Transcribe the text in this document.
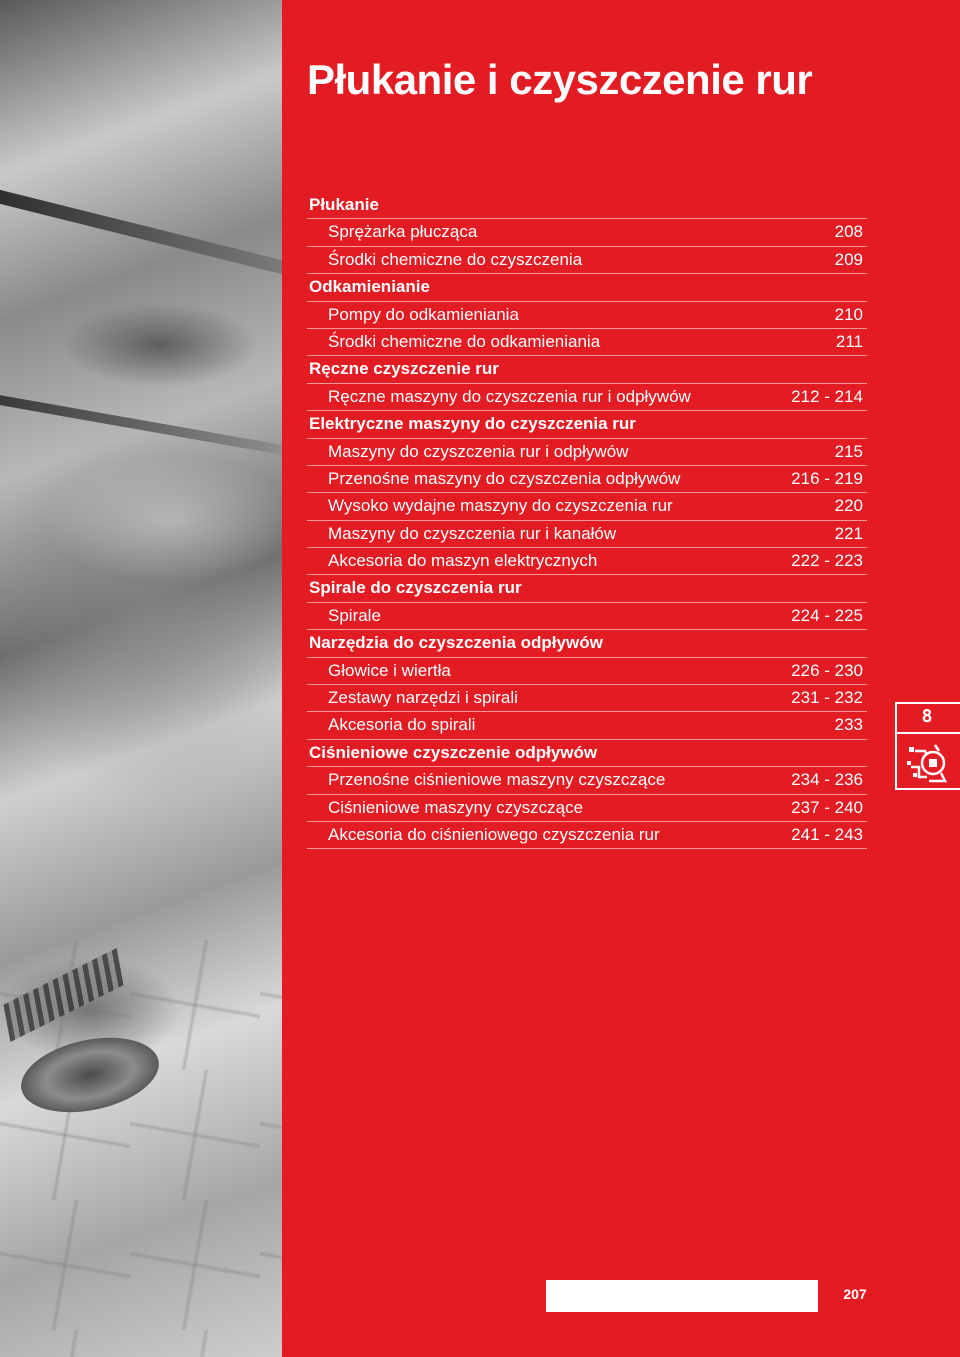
Płukanie i czyszczenie rur
Płukanie
Sprężarka płucząca	208
Środki chemiczne do czyszczenia	209
Odkamienianie
Pompy do odkamieniania	210
Środki chemiczne do odkamieniania	211
Ręczne czyszczenie rur
Ręczne maszyny do czyszczenia rur i odpływów	212 - 214
Elektryczne maszyny do czyszczenia rur
Maszyny do czyszczenia rur i odpływów	215
Przenośne maszyny do czyszczenia odpływów	216 - 219
Wysoko wydajne maszyny do czyszczenia rur	220
Maszyny do czyszczenia rur i kanałów	221
Akcesoria do maszyn elektrycznych	222 - 223
Spirale do czyszczenia rur
Spirale	224 - 225
Narzędzia do czyszczenia odpływów
Głowice i wiertła	226 - 230
Zestawy narzędzi i spirali	231 - 232
Akcesoria do spirali	233
Ciśnieniowe czyszczenie odpływów
Przenośne ciśnieniowe maszyny czyszczące	234 - 236
Ciśnieniowe maszyny czyszczące	237 - 240
Akcesoria do ciśnieniowego czyszczenia rur	241 - 243
8
207
